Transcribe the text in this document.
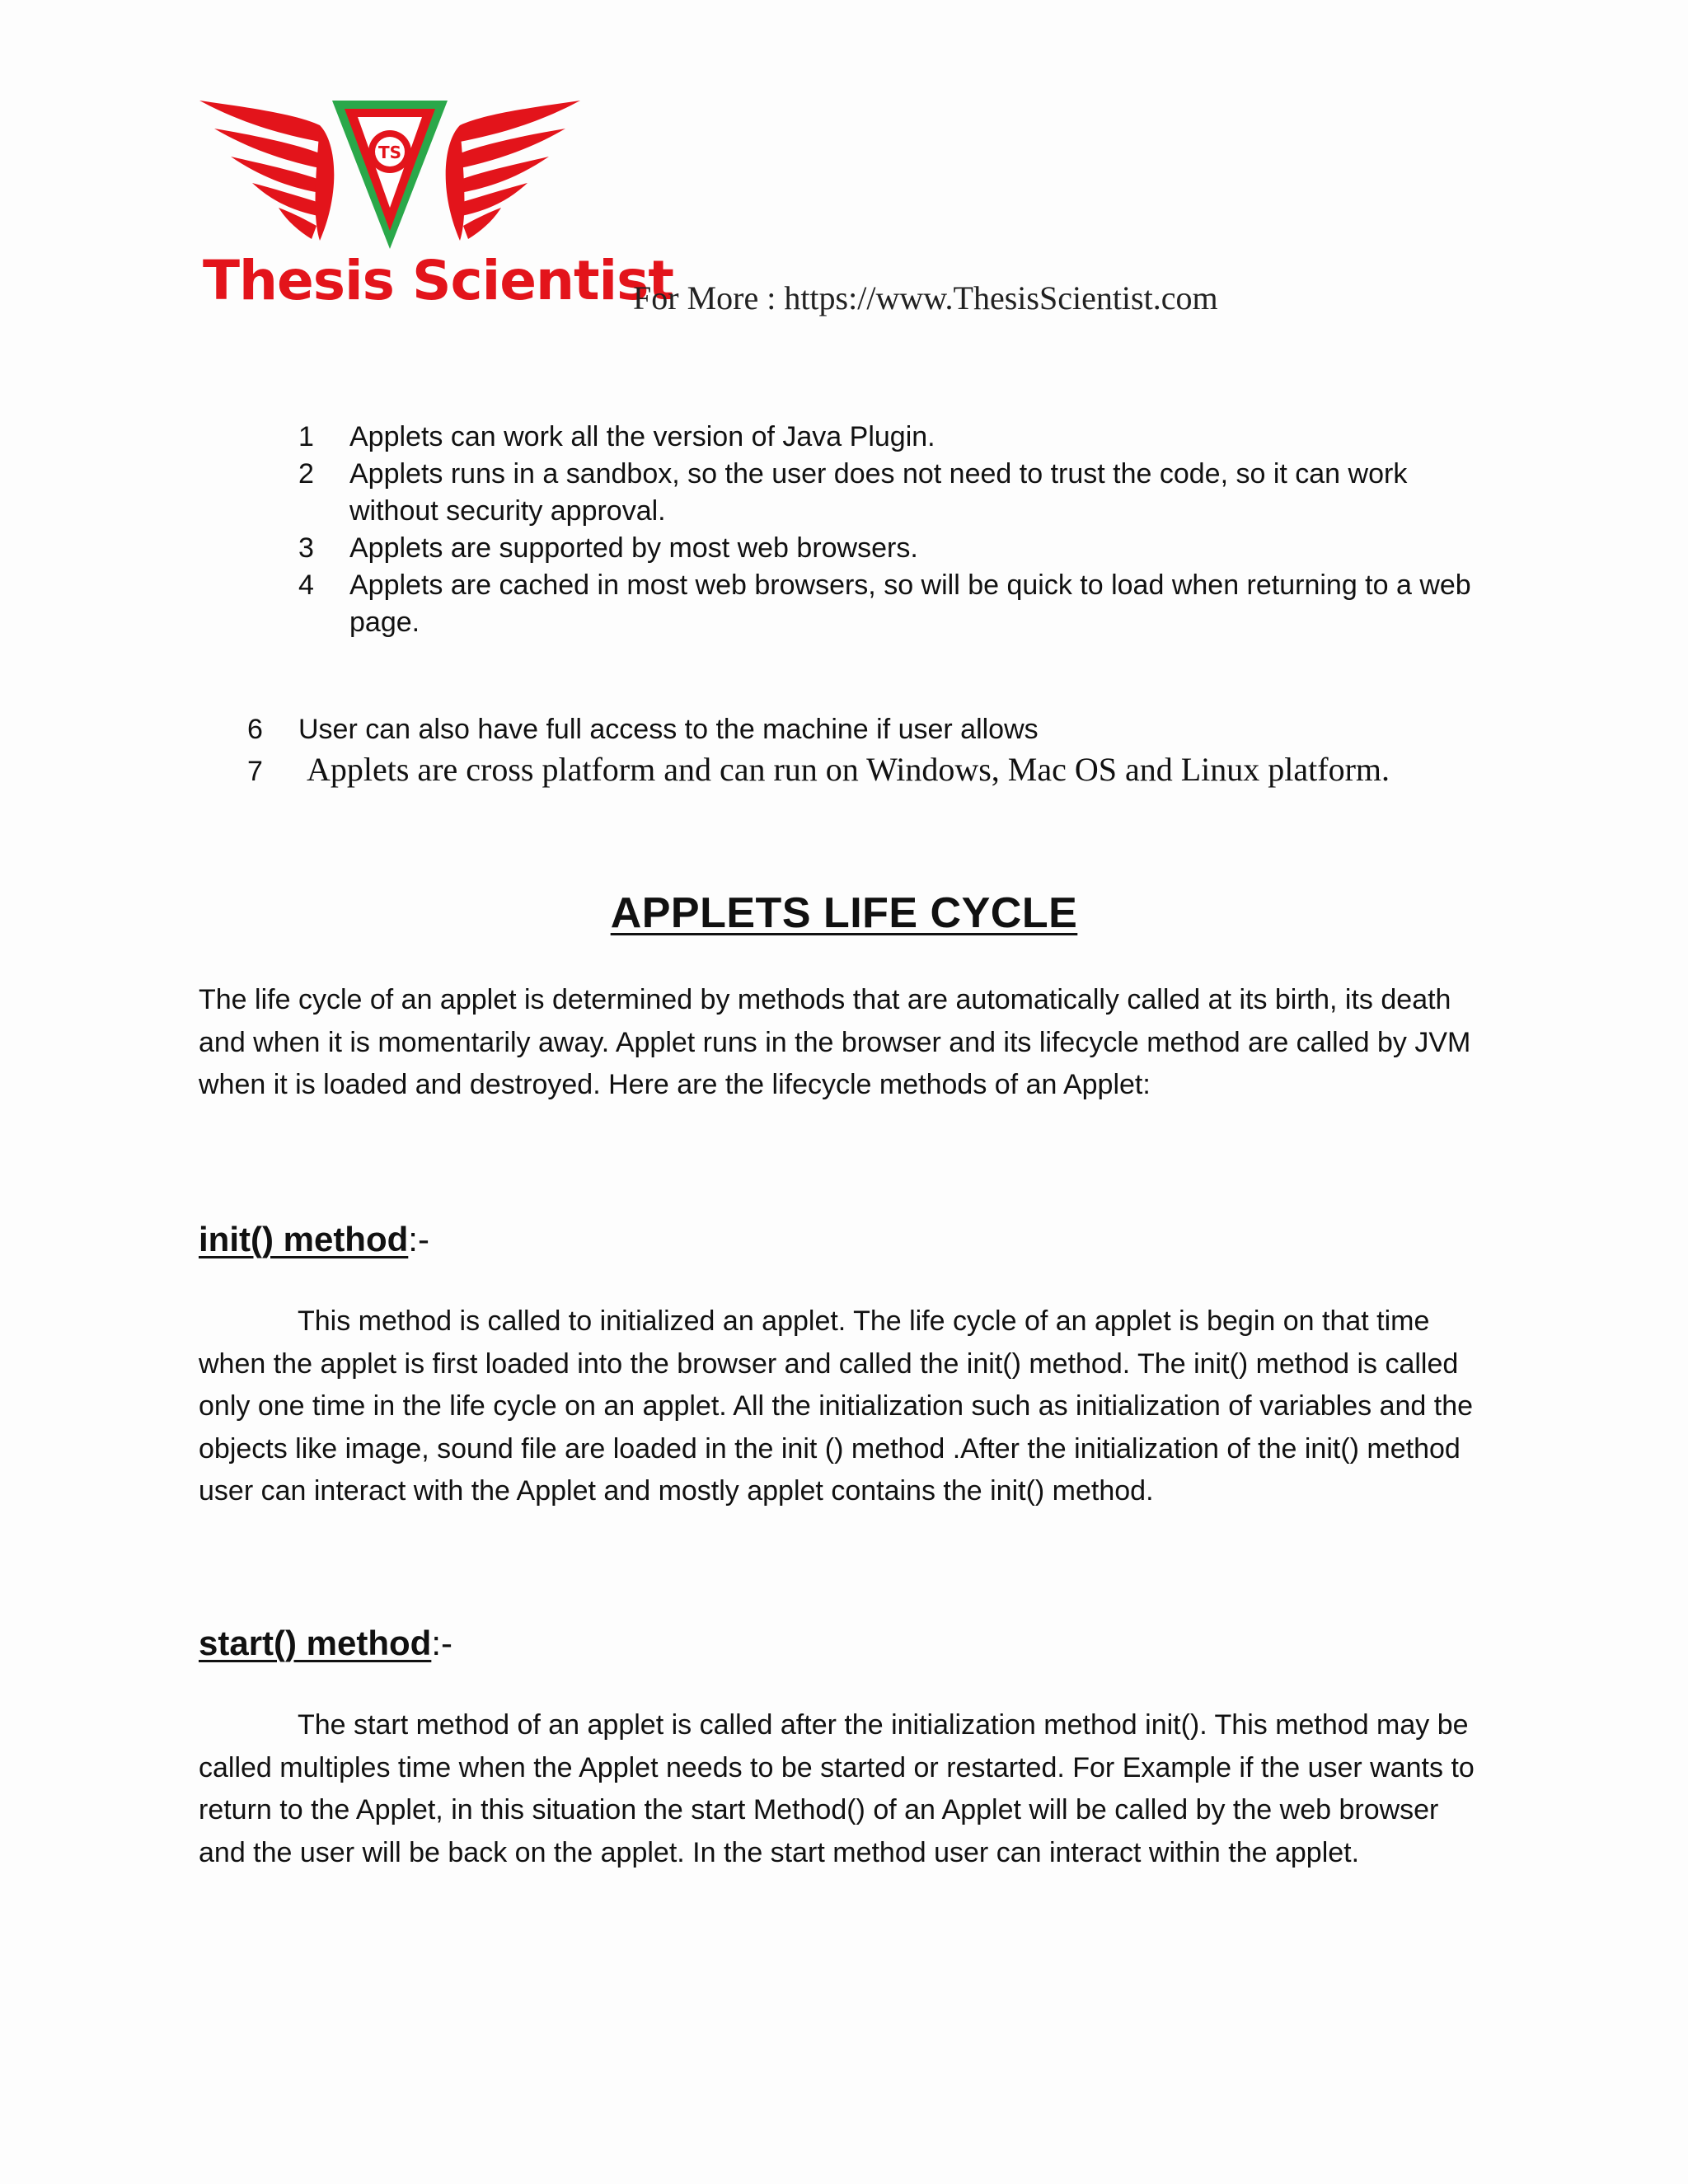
TS
Thesis Scientist
For More : https://www.ThesisScientist.com
1 Applets can work all the version of Java Plugin.
2 Applets runs in a sandbox, so the user does not need to trust the code, so it can work without security approval.
3 Applets are supported by most web browsers.
4 Applets are cached in most web browsers, so will be quick to load when returning to a web page.
6 User can also have full access to the machine if user allows
7 Applets are cross platform and can run on Windows, Mac OS and Linux platform.
APPLETS LIFE CYCLE

The life cycle of an applet is determined by methods that are automatically called at its birth, its death and when it is momentarily away. Applet runs in the browser and its lifecycle method are called by JVM when it is loaded and destroyed. Here are the lifecycle methods of an Applet:

init() method:-

This method is called to initialized an applet. The life cycle of an applet is begin on that time when the applet is first loaded into the browser and called the init() method. The init() method is called only one time in the life cycle on an applet. All the initialization such as initialization of variables and the objects like image, sound file are loaded in the init () method .After the initialization of the init() method user can interact with the Applet and mostly applet contains the init() method.

start() method:-

The start method of an applet is called after the initialization method init(). This method may be called multiples time when the Applet needs to be started or restarted. For Example if the user wants to return to the Applet, in this situation the start Method() of an Applet will be called by the web browser and the user will be back on the applet. In the start method user can interact within the applet.
